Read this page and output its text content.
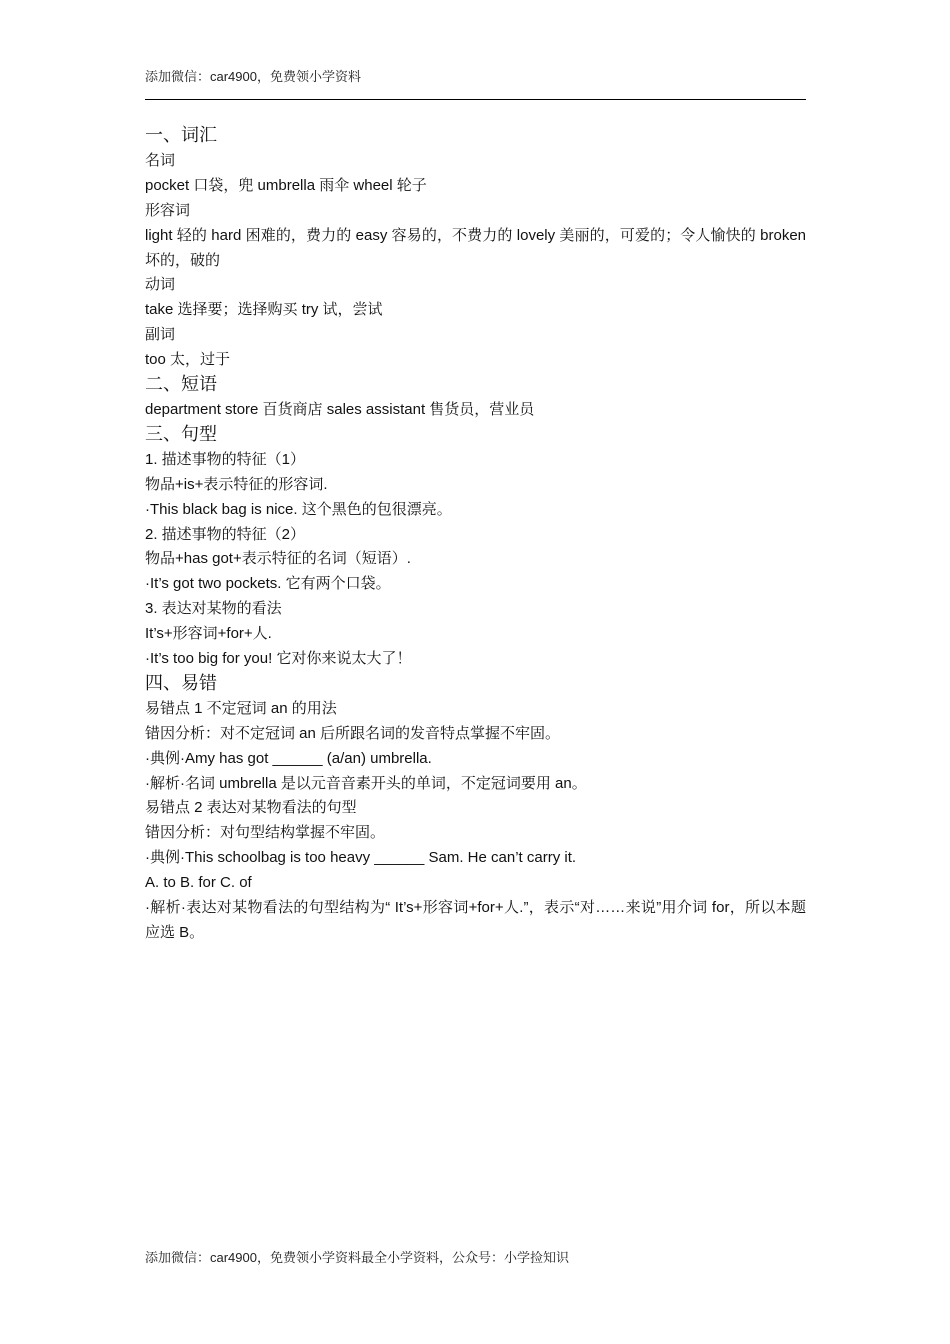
添加微信：car4900，免费领小学资料
一、词汇
名词
pocket 口袋，兜 umbrella 雨伞 wheel 轮子
形容词
light 轻的 hard 困难的，费力的 easy 容易的，不费力的 lovely 美丽的，可爱的；令人愉快的 broken 坏的，破的
动词
take 选择要；选择购买 try 试，尝试
副词
too 太，过于
二、短语
department store 百货商店 sales assistant 售货员，营业员
三、句型
1. 描述事物的特征（1）
物品+is+表示特征的形容词.
·This black bag is nice. 这个黑色的包很漂亮。
2. 描述事物的特征（2）
物品+has got+表示特征的名词（短语）.
·It’s got two pockets. 它有两个口袋。
3. 表达对某物的看法
It’s+形容词+for+人.
·It’s too big for you! 它对你来说太大了！
四、易错
易错点 1 不定冠词 an 的用法
错因分析：对不定冠词 an 后所跟名词的发音特点掌握不牢固。
·典例·Amy has got ______ (a/an) umbrella.
·解析·名词 umbrella 是以元音音素开头的单词，不定冠词要用 an。
易错点 2 表达对某物看法的句型
错因分析：对句型结构掌握不牢固。
·典例·This schoolbag is too heavy ______ Sam. He can’t carry it.
A. to B. for C. of
·解析·表达对某物看法的句型结构为“ It’s+形容词+for+人.”，表示“对……来说”用介词 for，所以本题应选 B。
添加微信：car4900，免费领小学资料最全小学资料，公众号：小学捡知识
